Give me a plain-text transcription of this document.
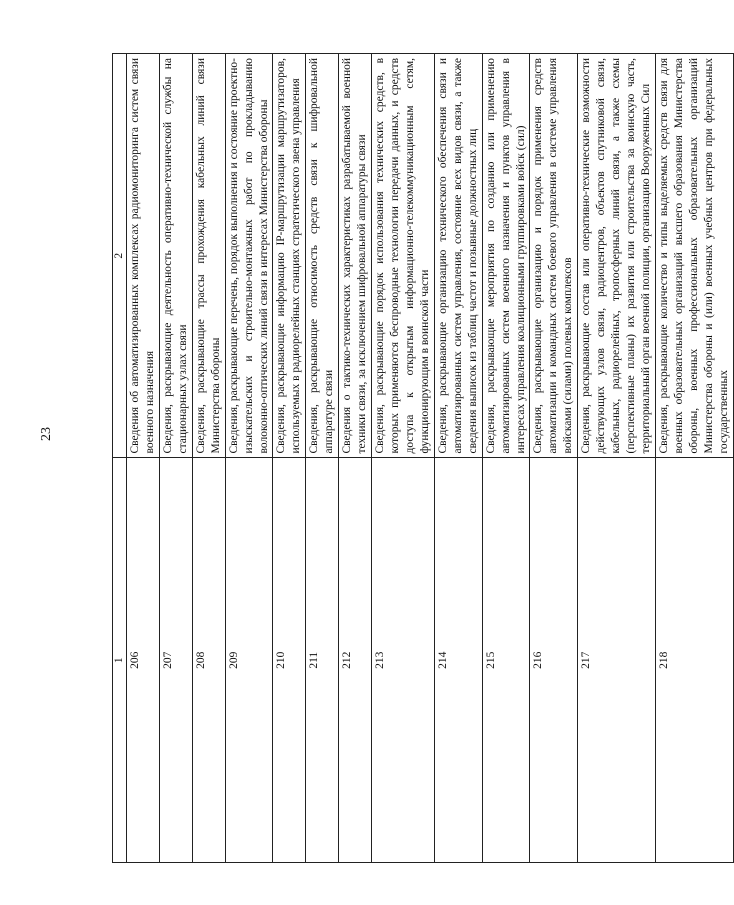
23
1	2
206	Сведения об автоматизированных комплексах радиомониторинга систем связи военного назначения
207	Сведения, раскрывающие деятельность оперативно-технической службы на стационарных узлах связи
208	Сведения, раскрывающие трассы прохождения кабельных линий связи Министерства обороны
209	Сведения, раскрывающие перечень, порядок выполнения и состояние проектно-изыскательских и строительно-монтажных работ по прокладыванию волоконно-оптических линий связи в интересах Министерства обороны
210	Сведения, раскрывающие информацию IP-маршрутизации маршрутизаторов, используемых в радиорелейных станциях стратегического звена управления
211	Сведения, раскрывающие относимость средств связи к шифровальной аппаратуре связи
212	Сведения о тактико-технических характеристиках разрабатываемой военной техники связи, за исключением шифровальной аппаратуры связи
213	Сведения, раскрывающие порядок использования технических средств, в которых применяются беспроводные технологии передачи данных, и средств доступа к открытым информационно-телекоммуникационным сетям, функционирующим в воинской части
214	Сведения, раскрывающие организацию технического обеспечения связи и автоматизированных систем управления, состояние всех видов связи, а также сведения выписок из таблиц частот и позывные должностных лиц
215	Сведения, раскрывающие мероприятия по созданию или применению автоматизированных систем военного назначения и пунктов управления в интересах управления коалиционными группировками войск (сил)
216	Сведения, раскрывающие организацию и порядок применения средств автоматизации и командных систем боевого управления в системе управления войсками (силами) полевых комплексов
217	Сведения, раскрывающие состав или оперативно-технические возможности действующих узлов связи, радиоцентров, объектов спутниковой связи, кабельных, радиорелейных, тропосферных линий связи, а также схемы (перспективные планы) их развития или строительства за воинскую часть, территориальный орган военной полиции, организацию Вооруженных Сил
218	Сведения, раскрывающие количество и типы выделяемых средств связи для военных образовательных организаций высшего образования Министерства обороны, военных профессиональных образовательных организаций Министерства обороны и (или) военных учебных центров при федеральных государственных
